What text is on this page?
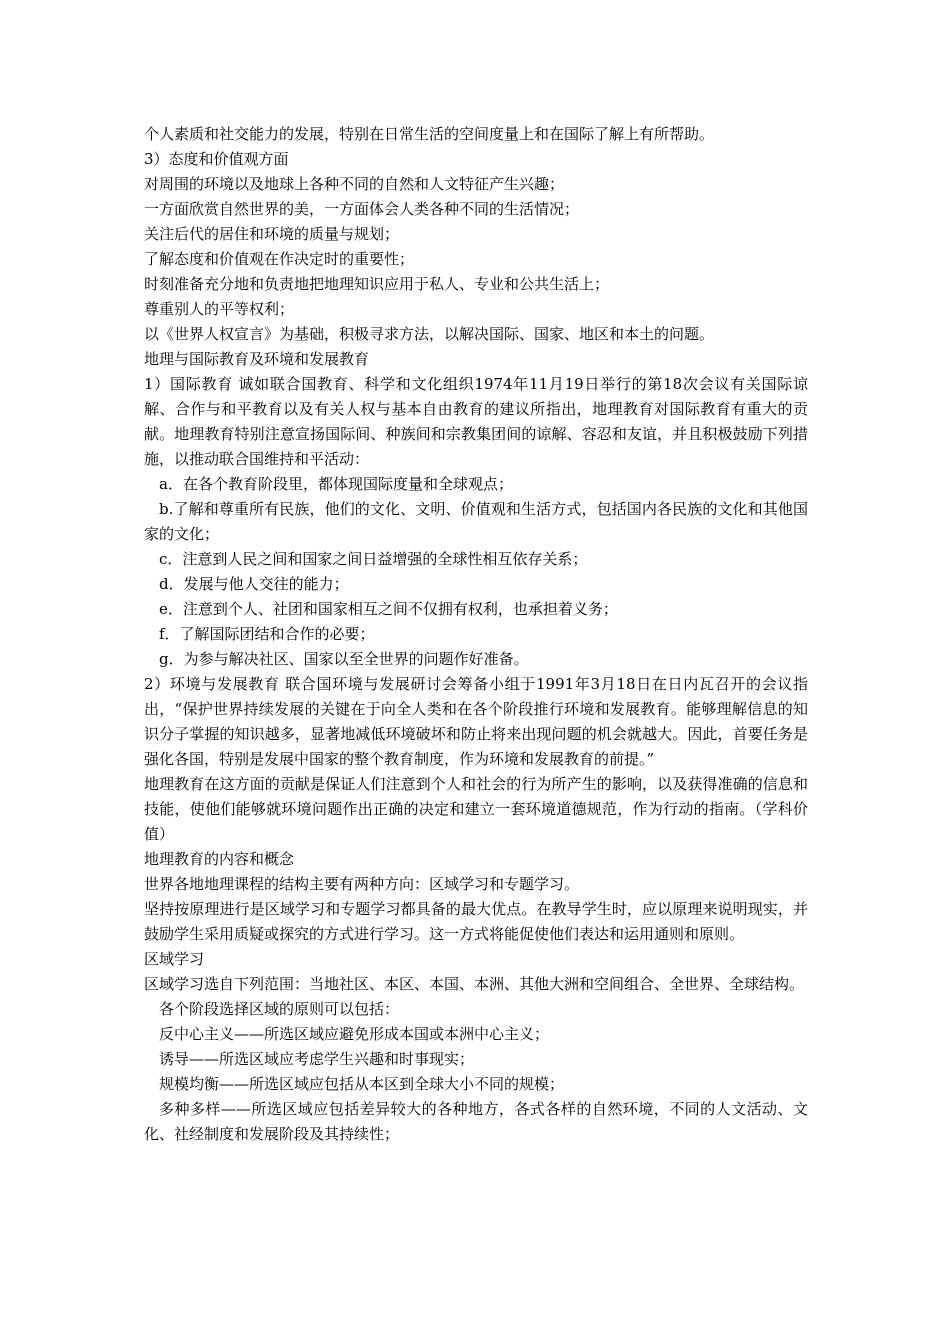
个人素质和社交能力的发展，特别在日常生活的空间度量上和在国际了解上有所帮助。

3）态度和价值观方面

对周围的环境以及地球上各种不同的自然和人文特征产生兴趣；

一方面欣赏自然世界的美，一方面体会人类各种不同的生活情况；

关注后代的居住和环境的质量与规划；

了解态度和价值观在作决定时的重要性；

时刻准备充分地和负责地把地理知识应用于私人、专业和公共生活上；

尊重别人的平等权利；

以《世界人权宣言》为基础，积极寻求方法，以解决国际、国家、地区和本土的问题。

地理与国际教育及环境和发展教育

1）国际教育 诚如联合国教育、科学和文化组织1974年11月19日举行的第18次会议有关国际谅解、合作与和平教育以及有关人权与基本自由教育的建议所指出，地理教育对国际教育有重大的贡献。地理教育特别注意宣扬国际间、种族间和宗教集团间的谅解、容忍和友谊，并且积极鼓励下列措施，以推动联合国维持和平活动：

a．在各个教育阶段里，都体现国际度量和全球观点；

b.了解和尊重所有民族，他们的文化、文明、价值观和生活方式，包括国内各民族的文化和其他国家的文化；

c．注意到人民之间和国家之间日益增强的全球性相互依存关系；

d．发展与他人交往的能力；

e．注意到个人、社团和国家相互之间不仅拥有权利，也承担着义务；

f．了解国际团结和合作的必要；

g．为参与解决社区、国家以至全世界的问题作好准备。

2）环境与发展教育 联合国环境与发展研讨会筹备小组于1991年3月18日在日内瓦召开的会议指出，“保护世界持续发展的关键在于向全人类和在各个阶段推行环境和发展教育。能够理解信息的知识分子掌握的知识越多，显著地减低环境破坏和防止将来出现问题的机会就越大。因此，首要任务是强化各国，特别是发展中国家的整个教育制度，作为环境和发展教育的前提。”

地理教育在这方面的贡献是保证人们注意到个人和社会的行为所产生的影响，以及获得准确的信息和技能，使他们能够就环境问题作出正确的决定和建立一套环境道德规范，作为行动的指南。（学科价值）

地理教育的内容和概念

世界各地地理课程的结构主要有两种方向：区域学习和专题学习。

坚持按原理进行是区域学习和专题学习都具备的最大优点。在教导学生时，应以原理来说明现实，并鼓励学生采用质疑或探究的方式进行学习。这一方式将能促使他们表达和运用通则和原则。

区域学习

区域学习选自下列范围：当地社区、本区、本国、本洲、其他大洲和空间组合、全世界、全球结构。

各个阶段选择区域的原则可以包括：

反中心主义——所选区域应避免形成本国或本洲中心主义；

诱导——所选区域应考虑学生兴趣和时事现实；

规模均衡——所选区域应包括从本区到全球大小不同的规模；

多种多样——所选区域应包括差异较大的各种地方，各式各样的自然环境，不同的人文活动、文化、社经制度和发展阶段及其持续性；
